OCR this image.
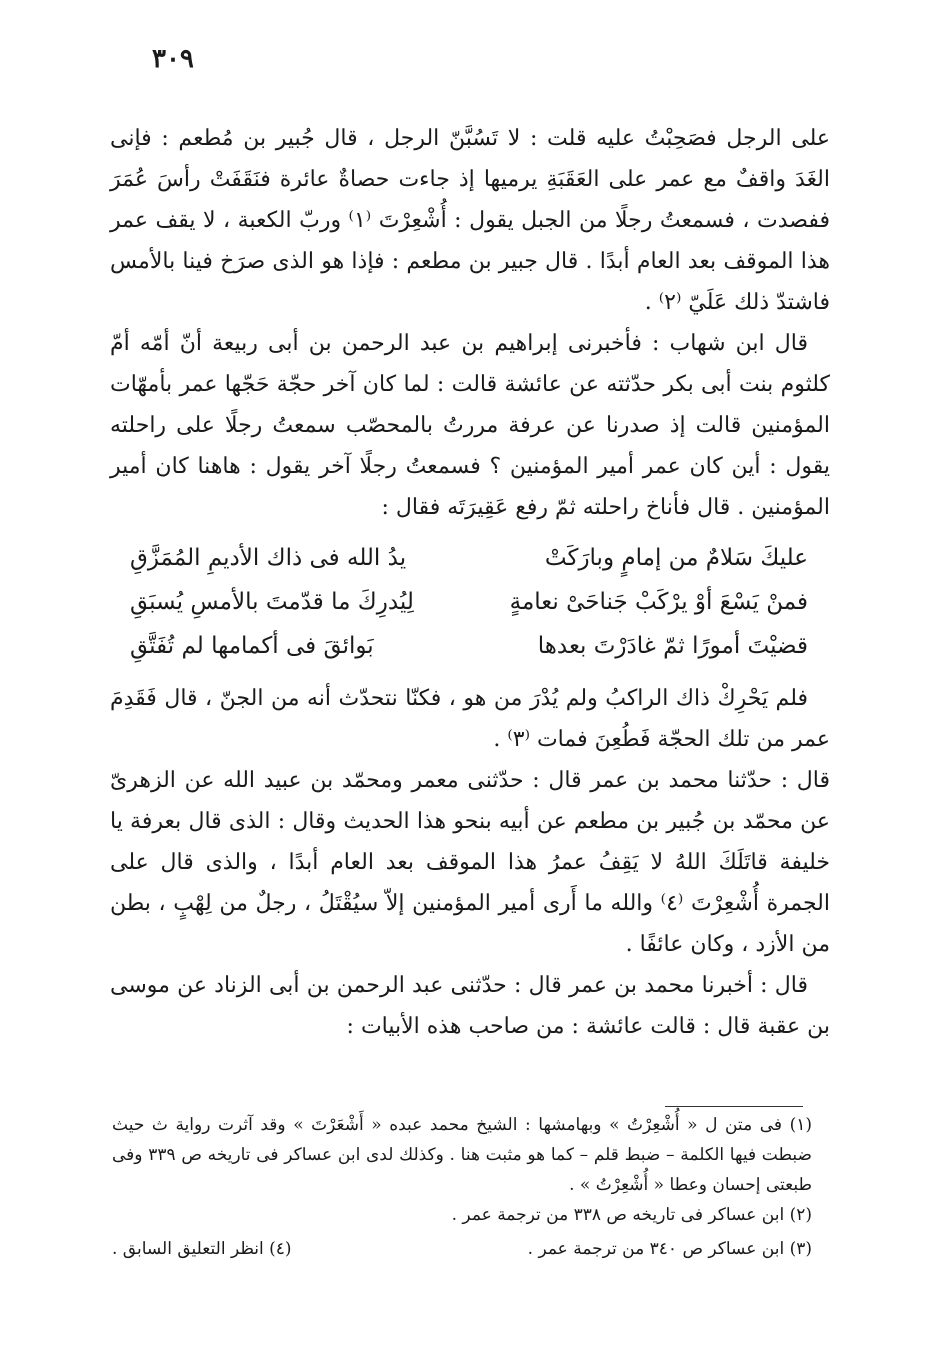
٣٠٩

على الرجل فصَحِبْتُ عليه قلت : لا تَسُبَّنّ الرجل ، قال جُبير بن مُطعم : فإنى الغَدَ واقفٌ مع عمر على العَقَبَةِ يرميها إذ جاءت حصاةٌ عائرة فنَقَفَتْ رأسَ عُمَرَ ففصدت ، فسمعتُ رجلًا من الجبل يقول : أُشْعِرْتَ ⁽١⁾ وربّ الكعبة ، لا يقف عمر هذا الموقف بعد العام أبدًا . قال جبير بن مطعم : فإذا هو الذى صرَخ فينا بالأمس فاشتدّ ذلك عَلَيّ ⁽٢⁾ .

قال ابن شهاب : فأخبرنى إبراهيم بن عبد الرحمن بن أبى ربيعة أنّ أمّه أمّ كلثوم بنت أبى بكر حدّثته عن عائشة قالت : لما كان آخر حجّة حَجّها عمر بأمهّات المؤمنين قالت إذ صدرنا عن عرفة مررتُ بالمحصّب سمعتُ رجلًا على راحلته يقول : أين كان عمر أمير المؤمنين ؟ فسمعتُ رجلًا آخر يقول : هاهنا كان أمير المؤمنين . قال فأناخ راحلته ثمّ رفع عَقِيرَتَه فقال :

عليكَ سَلامٌ من إمامٍ وبارَكَتْ
يدُ الله فى ذاك الأديمِ المُمَزَّقِ
فمنْ يَسْعَ أوْ يرْكَبْ جَناحَىْ نعامةٍ
لِيُدرِكَ ما قدّمتَ بالأمسِ يُسبَقِ
قضيْتَ أمورًا ثمّ غادَرْتَ بعدها
بَوائقَ فى أكمامها لم تُفَتَّقِ

فلم يَحْرِكْ ذاك الراكبُ ولم يُدْرَ من هو ، فكنّا نتحدّث أنه من الجنّ ، قال فَقَدِمَ عمر من تلك الحجّة فَطُعِنَ فمات ⁽٣⁾ .

قال : حدّثنا محمد بن عمر قال : حدّثنى معمر ومحمّد بن عبيد الله عن الزهرىّ عن محمّد بن جُبير بن مطعم عن أبيه بنحو هذا الحديث وقال : الذى قال بعرفة يا خليفة قاتَلَكَ اللهُ لا يَقِفُ عمرُ هذا الموقف بعد العام أبدًا ، والذى قال على الجمرة أُشْعِرْتَ ⁽٤⁾ والله ما أَرى أمير المؤمنين إلاّ سيُقْتَلُ ، رجلٌ من لِهْبٍ ، بطن من الأزد ، وكان عائفًا .

قال : أخبرنا محمد بن عمر قال : حدّثنى عبد الرحمن بن أبى الزناد عن موسى بن عقبة قال : قالت عائشة : من صاحب هذه الأبيات :

(١) فى متن ل « أُشْعِرْتُ » وبهامشها : الشيخ محمد عبده « أَشْعَرْتَ » وقد آثرت رواية ث حيث ضبطت فيها الكلمة – ضبط قلم – كما هو مثبت هنا . وكذلك لدى ابن عساكر فى تاريخه ص ٣٣٩ وفى طبعتى إحسان وعطا « أُشْعِرْتُ » .

(٢) ابن عساكر فى تاريخه ص ٣٣٨ من ترجمة عمر .

(٣) ابن عساكر ص ٣٤٠ من ترجمة عمر .
(٤) انظر التعليق السابق .
